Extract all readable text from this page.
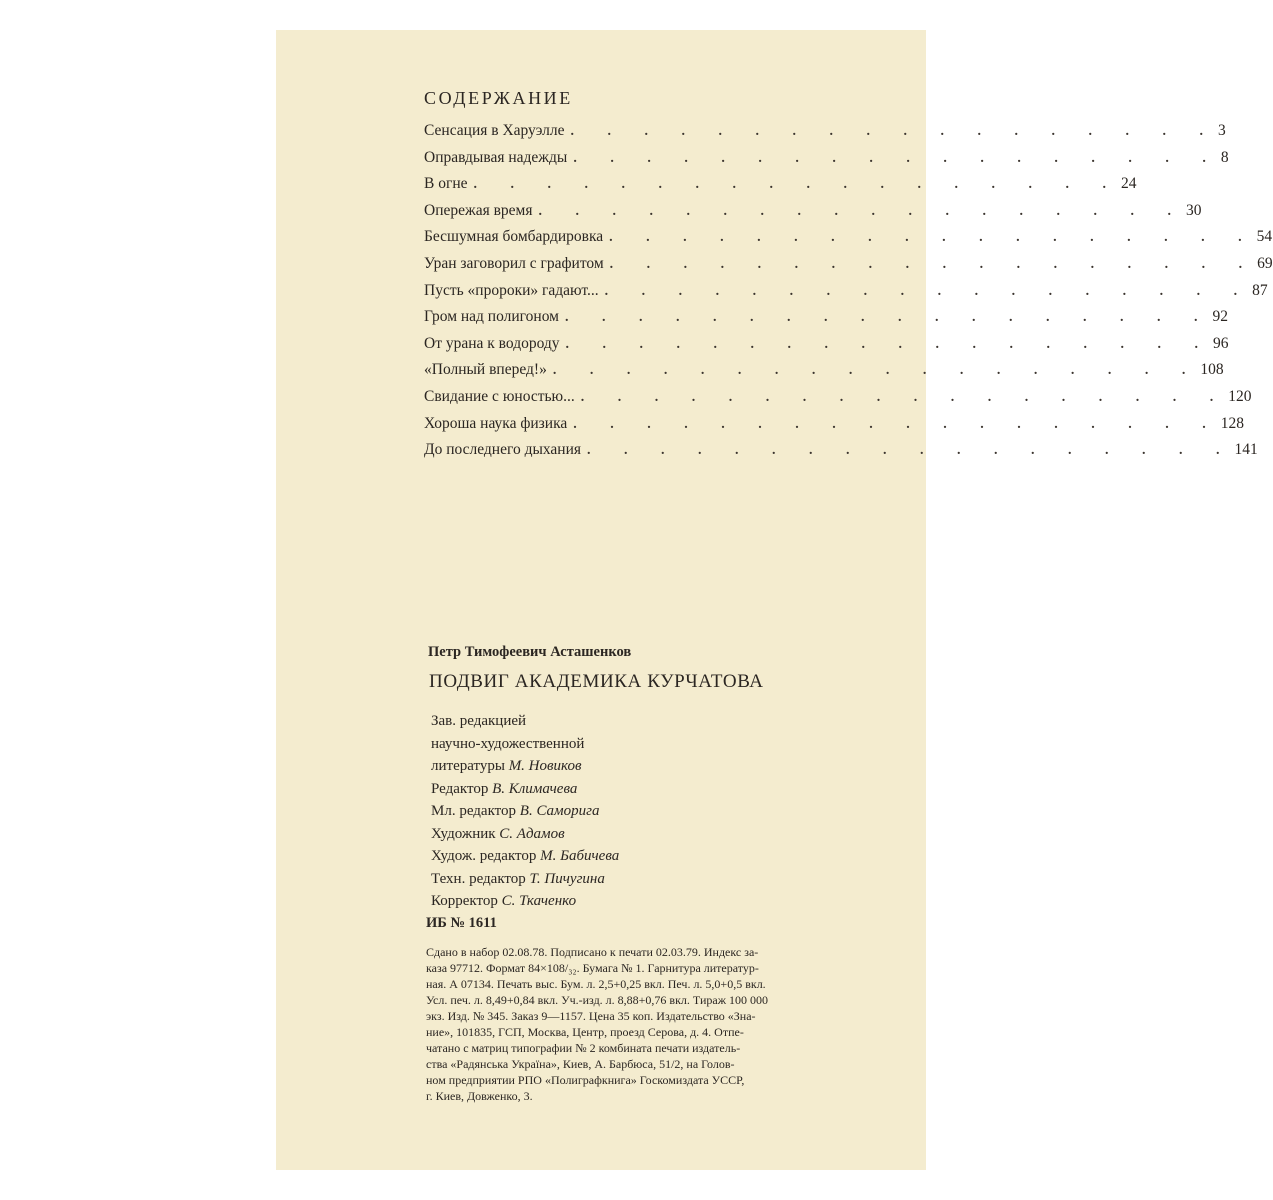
СОДЕРЖАНИЕ
Сенсация в Харуэлле . . . . . . . . . . . . . . . . . . 3
Оправдывая надежды . . . . . . . . . . . . . . . . . . 8
В огне . . . . . . . . . . . . . . . . . . 24
Опережая время . . . . . . . . . . . . . . . . . . 30
Бесшумная бомбардировка . . . . . . . . . . . . . . . . . . 54
Уран заговорил с графитом . . . . . . . . . . . . . . . . . . 69
Пусть «пророки» гадают... . . . . . . . . . . . . . . . . . . 87
Гром над полигоном . . . . . . . . . . . . . . . . . . 92
От урана к водороду . . . . . . . . . . . . . . . . . . 96
«Полный вперед!» . . . . . . . . . . . . . . . . . . 108
Свидание с юностью... . . . . . . . . . . . . . . . . . . 120
Хороша наука физика . . . . . . . . . . . . . . . . . . 128
До последнего дыхания . . . . . . . . . . . . . . . . . . 141
Петр Тимофеевич Асташенков
ПОДВИГ АКАДЕМИКА КУРЧАТОВА
Зав. редакцией
научно-художественной
литературы М. Новиков
Редактор В. Климачева
Мл. редактор В. Саморига
Художник С. Адамов
Худож. редактор М. Бабичева
Техн. редактор Т. Пичугина
Корректор С. Ткаченко
ИБ № 1611
Сдано в набор 02.08.78. Подписано к печати 02.03.79. Индекс за-
каза 97712. Формат 84×108/₃₂. Бумага № 1. Гарнитура литератур-
ная. А 07134. Печать выс. Бум. л. 2,5+0,25 вкл. Печ. л. 5,0+0,5 вкл.
Усл. печ. л. 8,49+0,84 вкл. Уч.-изд. л. 8,88+0,76 вкл. Тираж 100 000
экз. Изд. № 345. Заказ 9—1157. Цена 35 коп. Издательство «Зна-
ние», 101835, ГСП, Москва, Центр, проезд Серова, д. 4. Отпе-
чатано с матриц типографии № 2 комбината печати издатель-
ства «Радянська Україна», Киев, А. Барбюса, 51/2, на Голов-
ном предприятии РПО «Полиграфкнига» Госкомиздата УССР,
г. Киев, Довженко, 3.
